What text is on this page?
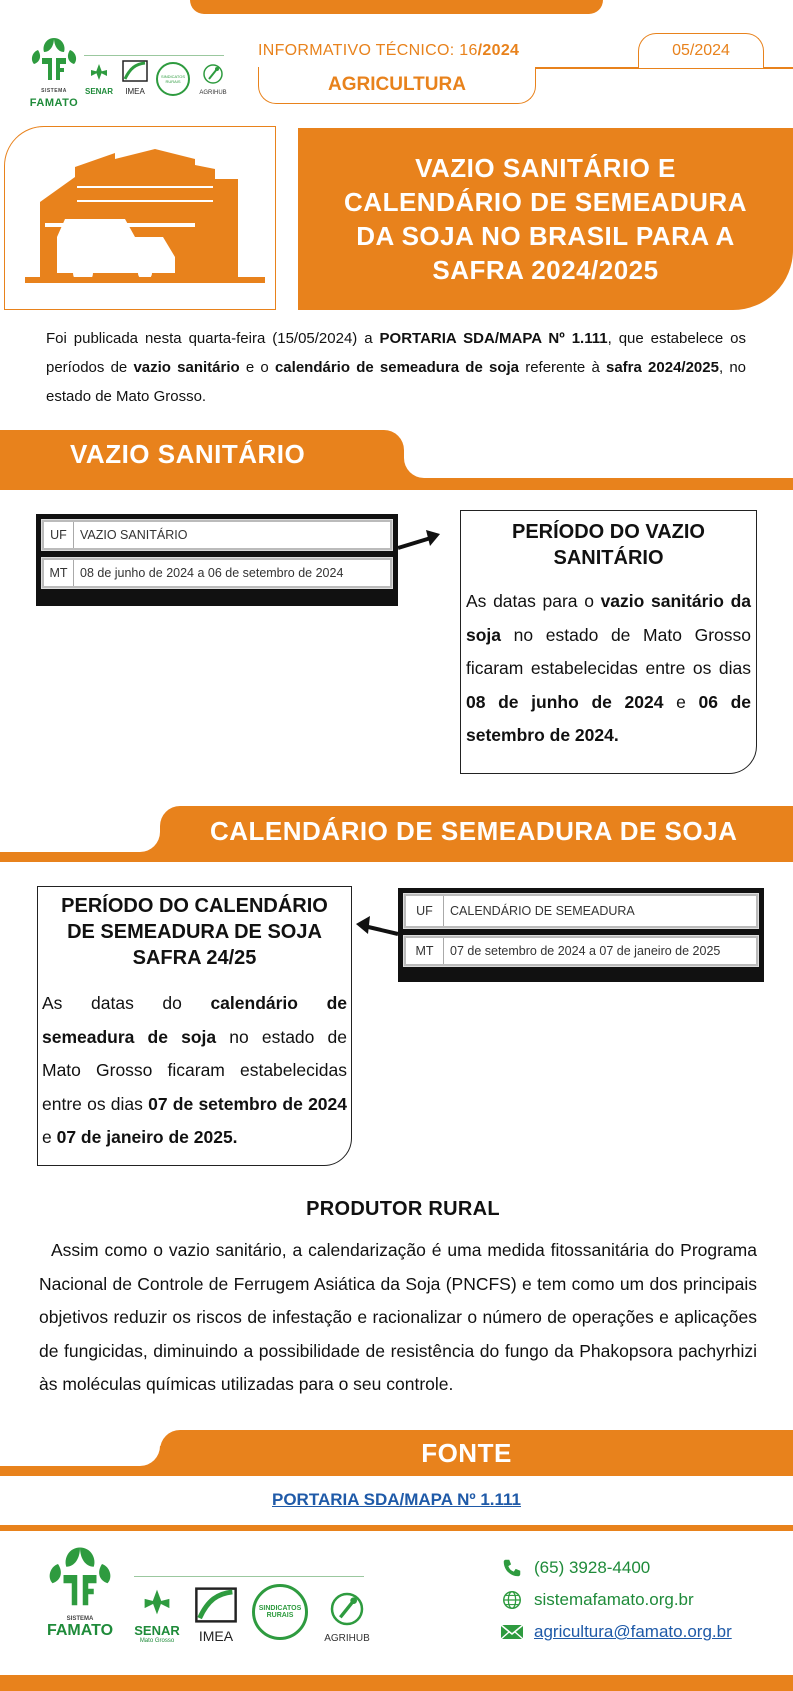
SISTEMA
FAMATO
SENAR	IMEA
SINDICATOS RURAIS
AGRIHUB
INFORMATIVO TÉCNICO: 16/2024	05/2024
AGRICULTURA
VAZIO SANITÁRIO E CALENDÁRIO DE SEMEADURA DA SOJA NO BRASIL PARA A SAFRA 2024/2025
Foi publicada nesta quarta-feira (15/05/2024) a PORTARIA SDA/MAPA Nº 1.111, que estabelece os períodos de vazio sanitário e o calendário de semeadura de soja referente à safra 2024/2025, no estado de Mato Grosso.
VAZIO SANITÁRIO
UF	VAZIO SANITÁRIO
MT 08 de junho de 2024 a 06 de setembro de 2024
PERÍODO DO VAZIO SANITÁRIO
As datas para o vazio sanitário da soja no estado de Mato Grosso ficaram estabelecidas entre os dias 08 de junho de 2024 e 06 de setembro de 2024.
CALENDÁRIO DE SEMEADURA DE SOJA
PERÍODO DO CALENDÁRIO DE SEMEADURA DE SOJA SAFRA 24/25
As datas do calendário de semeadura de soja no estado de Mato Grosso ficaram estabelecidas entre os dias 07 de setembro de 2024 e 07 de janeiro de 2025.
UF	CALENDÁRIO DE SEMEADURA
MT	07 de setembro de 2024 a 07 de janeiro de 2025
PRODUTOR RURAL
Assim como o vazio sanitário, a calendarização é uma medida fitossanitária do Programa Nacional de Controle de Ferrugem Asiática da Soja (PNCFS) e tem como um dos principais objetivos reduzir os riscos de infestação e racionalizar o número de operações e aplicações de fungicidas, diminuindo a possibilidade de resistência do fungo da Phakopsora pachyrhizi às moléculas químicas utilizadas para o seu controle.
FONTE
PORTARIA SDA/MAPA Nº 1.111
SISTEMA
FAMATO	SENAR
Mato Grosso	IMEA
SINDICATOS RURAIS
AGRIHUB
(65) 3928-4400
sistemafamato.org.br
agricultura@famato.org.br
